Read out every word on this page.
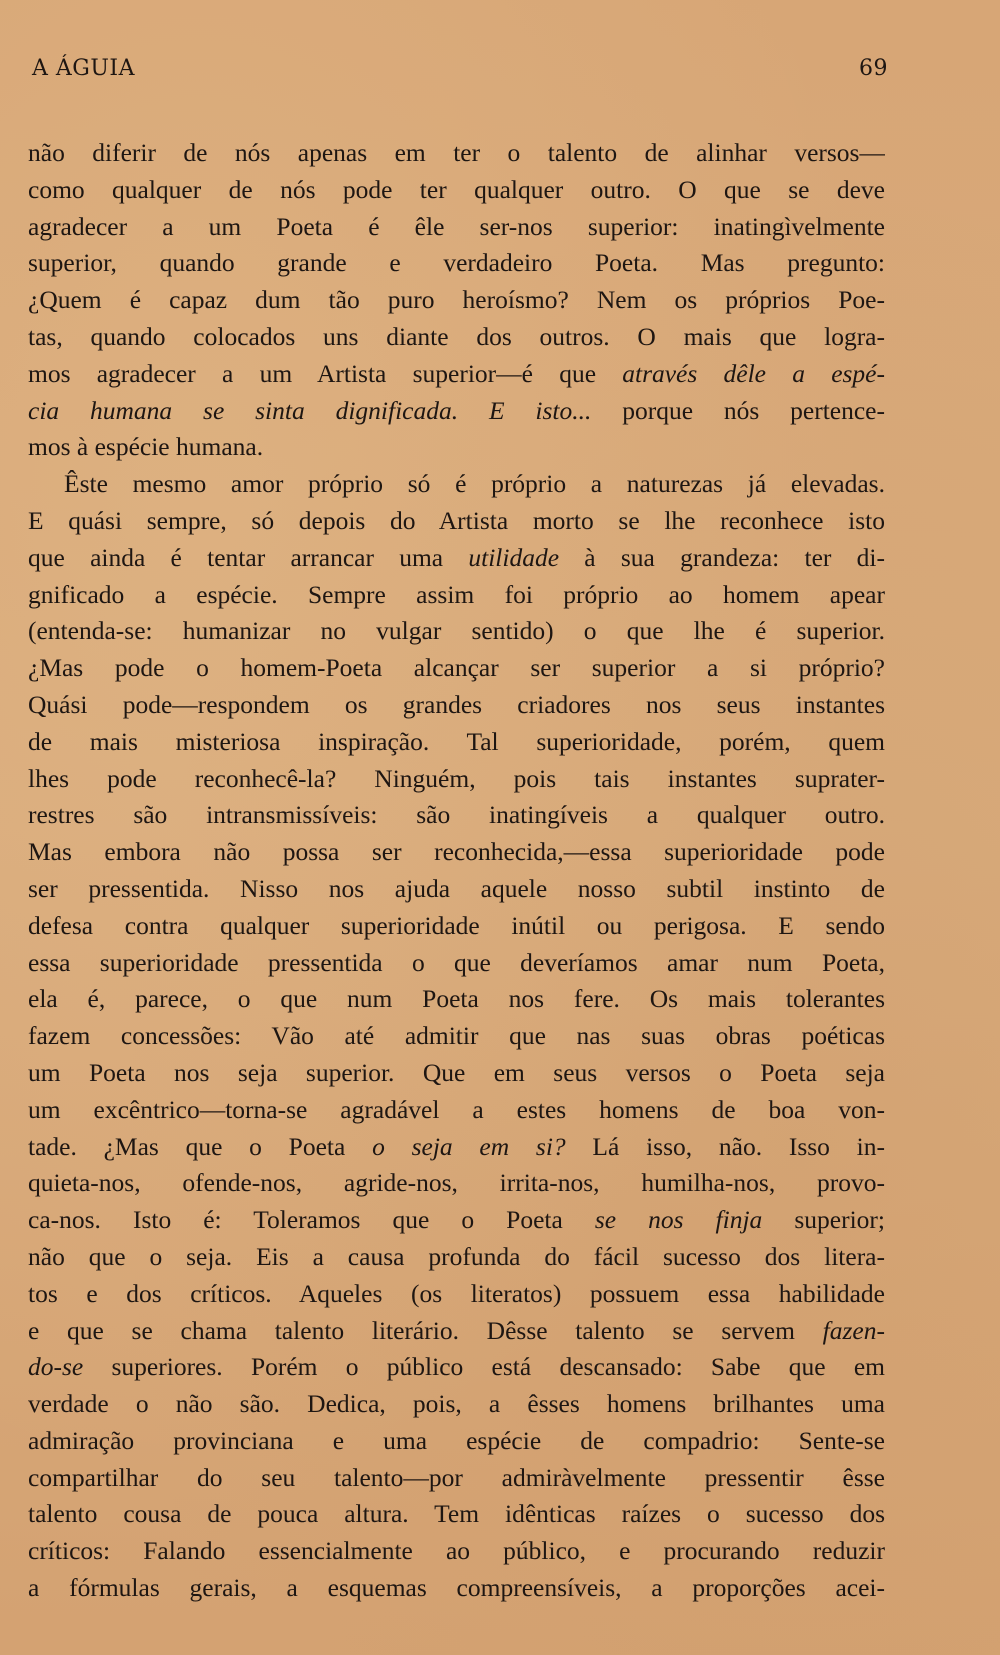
A ÁGUIA	69
não diferir de nós apenas em ter o talento de alinhar versos—
como qualquer de nós pode ter qualquer outro. O que se deve
agradecer a um Poeta é êle ser-nos superior: inatingìvelmente
superior, quando grande e verdadeiro Poeta. Mas pregunto:
¿Quem é capaz dum tão puro heroísmo? Nem os próprios Poe-
tas, quando colocados uns diante dos outros. O mais que logra-
mos agradecer a um Artista superior—é que através dêle a espé-
cia humana se sinta dignificada. E isto... porque nós pertence-
mos à espécie humana.
Êste mesmo amor próprio só é próprio a naturezas já elevadas.
E quási sempre, só depois do Artista morto se lhe reconhece isto
que ainda é tentar arrancar uma utilidade à sua grandeza: ter di-
gnificado a espécie. Sempre assim foi próprio ao homem apear
(entenda-se: humanizar no vulgar sentido) o que lhe é superior.
¿Mas pode o homem-Poeta alcançar ser superior a si próprio?
Quási pode—respondem os grandes criadores nos seus instantes
de mais misteriosa inspiração. Tal superioridade, porém, quem
lhes pode reconhecê-la? Ninguém, pois tais instantes suprater-
restres são intransmissíveis: são inatingíveis a qualquer outro.
Mas embora não possa ser reconhecida,—essa superioridade pode
ser pressentida. Nisso nos ajuda aquele nosso subtil instinto de
defesa contra qualquer superioridade inútil ou perigosa. E sendo
essa superioridade pressentida o que deveríamos amar num Poeta,
ela é, parece, o que num Poeta nos fere. Os mais tolerantes
fazem concessões: Vão até admitir que nas suas obras poéticas
um Poeta nos seja superior. Que em seus versos o Poeta seja
um excêntrico—torna-se agradável a estes homens de boa von-
tade. ¿Mas que o Poeta o seja em si? Lá isso, não. Isso in-
quieta-nos, ofende-nos, agride-nos, irrita-nos, humilha-nos, provo-
ca-nos. Isto é: Toleramos que o Poeta se nos finja superior;
não que o seja. Eis a causa profunda do fácil sucesso dos litera-
tos e dos críticos. Aqueles (os literatos) possuem essa habilidade
e que se chama talento literário. Dêsse talento se servem fazen-
do-se superiores. Porém o público está descansado: Sabe que em
verdade o não são. Dedica, pois, a êsses homens brilhantes uma
admiração provinciana e uma espécie de compadrio: Sente-se
compartilhar do seu talento—por admiràvelmente pressentir êsse
talento cousa de pouca altura. Tem idênticas raízes o sucesso dos
críticos: Falando essencialmente ao público, e procurando reduzir
a fórmulas gerais, a esquemas compreensíveis, a proporções acei-
